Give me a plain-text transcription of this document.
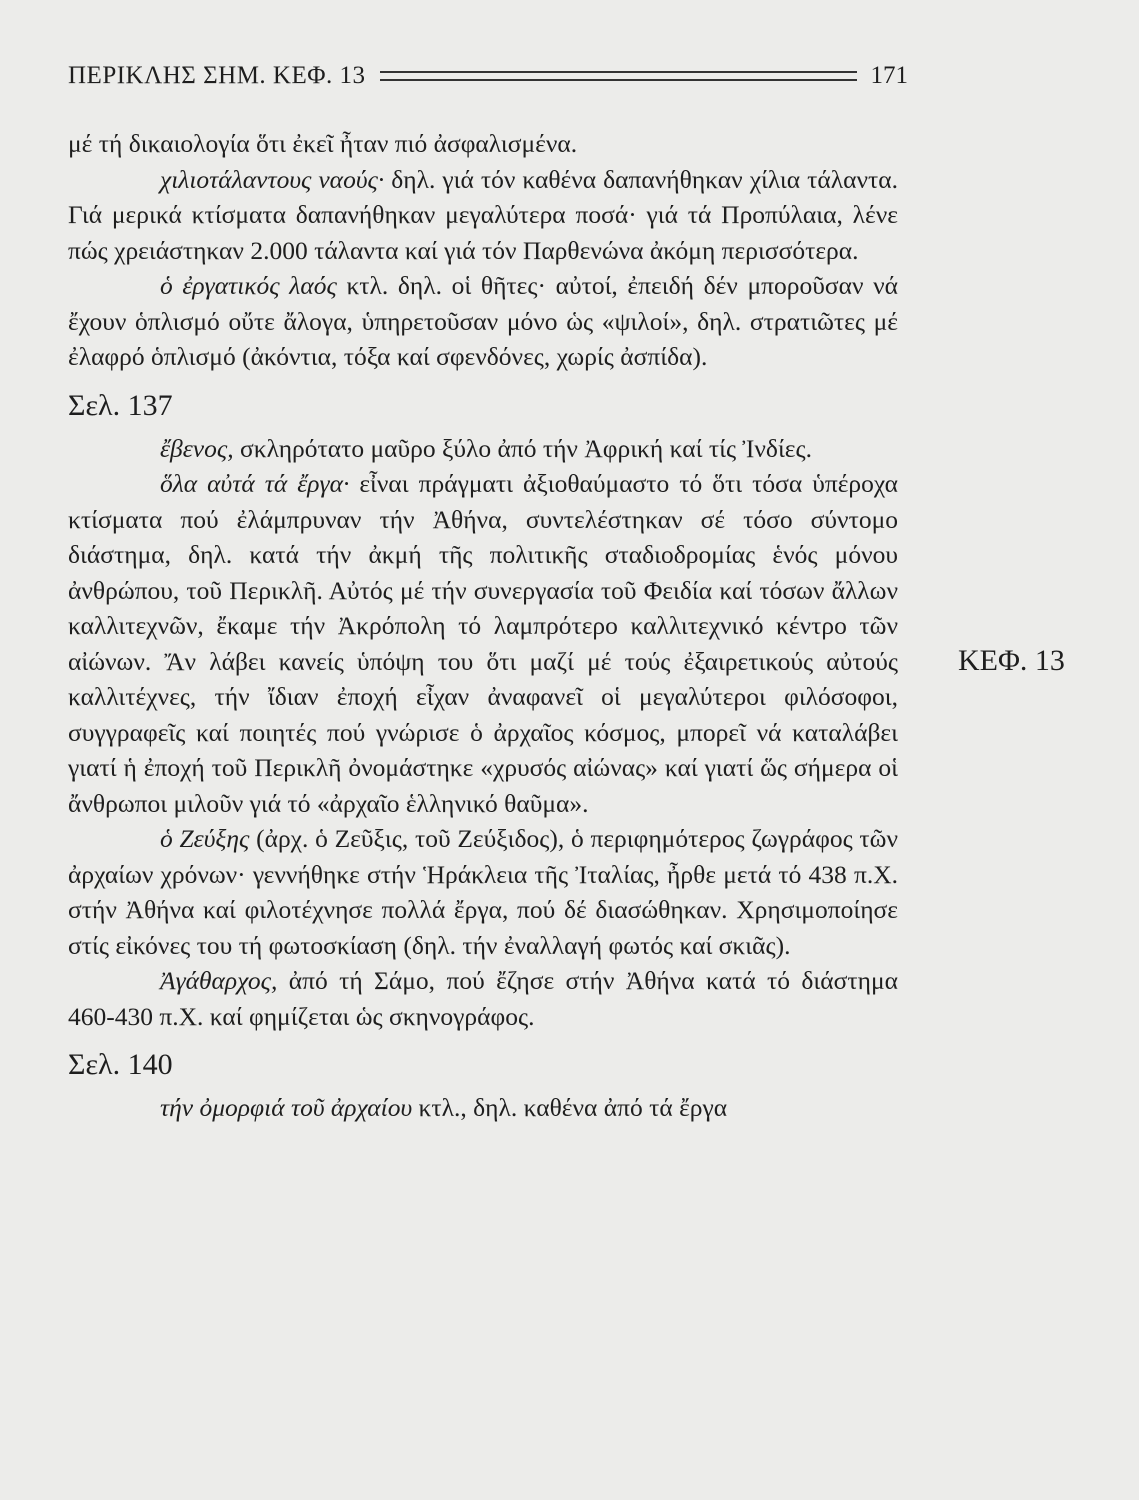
ΠΕΡΙΚΛΗΣ ΣΗΜ. ΚΕΦ. 13	171
ΚΕΦ. 13

μέ τή δικαιολογία ὅτι ἐκεῖ ἦταν πιό ἀσφαλισμένα.

χιλιοτάλαντους ναούς· δηλ. γιά τόν καθένα δαπανήθηκαν χίλια τάλαντα. Γιά μερικά κτίσματα δαπανήθηκαν μεγαλύτερα ποσά· γιά τά Προπύλαια, λένε πώς χρειάστηκαν 2.000 τάλαντα καί γιά τόν Παρθενώνα ἀκόμη περισσότερα.

ὁ ἐργατικός λαός κτλ. δηλ. οἱ θῆτες· αὐτοί, ἐπειδή δέν μποροῦσαν νά ἔχουν ὁπλισμό οὔτε ἄλογα, ὑπηρετοῦσαν μόνο ὡς «ψιλοί», δηλ. στρατιῶτες μέ ἐλαφρό ὁπλισμό (ἀκόντια, τόξα καί σφενδόνες, χωρίς ἀσπίδα).

Σελ. 137

ἔβενος, σκληρότατο μαῦρο ξύλο ἀπό τήν Ἀφρική καί τίς Ἰνδίες.

ὅλα αὐτά τά ἔργα· εἶναι πράγματι ἀξιοθαύμαστο τό ὅτι τόσα ὑπέροχα κτίσματα πού ἐλάμπρυναν τήν Ἀθήνα, συντελέστηκαν σέ τόσο σύντομο διάστημα, δηλ. κατά τήν ἀκμή τῆς πολιτικῆς σταδιοδρομίας ἑνός μόνου ἀνθρώπου, τοῦ Περικλῆ. Αὐτός μέ τήν συνεργασία τοῦ Φειδία καί τόσων ἄλλων καλλιτεχνῶν, ἔκαμε τήν Ἀκρόπολη τό λαμπρότερο καλλιτεχνικό κέντρο τῶν αἰώνων. Ἄν λάβει κανείς ὑπόψη του ὅτι μαζί μέ τούς ἐξαιρετικούς αὐτούς καλλιτέχνες, τήν ἴδιαν ἐποχή εἶχαν ἀναφανεῖ οἱ μεγαλύτεροι φιλόσοφοι, συγγραφεῖς καί ποιητές πού γνώρισε ὁ ἀρχαῖος κόσμος, μπορεῖ νά καταλάβει γιατί ἡ ἐποχή τοῦ Περικλῆ ὀνομάστηκε «χρυσός αἰώνας» καί γιατί ὥς σήμερα οἱ ἄνθρωποι μιλοῦν γιά τό «ἀρχαῖο ἑλληνικό θαῦμα».

ὁ Ζεύξης (ἀρχ. ὁ Ζεῦξις, τοῦ Ζεύξιδος), ὁ περιφημότερος ζωγράφος τῶν ἀρχαίων χρόνων· γεννήθηκε στήν Ἡράκλεια τῆς Ἰταλίας, ἦρθε μετά τό 438 π.Χ. στήν Ἀθήνα καί φιλοτέχνησε πολλά ἔργα, πού δέ διασώθηκαν. Χρησιμοποίησε στίς εἰκόνες του τή φωτοσκίαση (δηλ. τήν ἐναλλαγή φωτός καί σκιᾶς).

Ἀγάθαρχος, ἀπό τή Σάμο, πού ἔζησε στήν Ἀθήνα κατά τό διάστημα 460-430 π.Χ. καί φημίζεται ὡς σκηνογράφος.

Σελ. 140

τήν ὀμορφιά τοῦ ἀρχαίου κτλ., δηλ. καθένα ἀπό τά ἔργα
